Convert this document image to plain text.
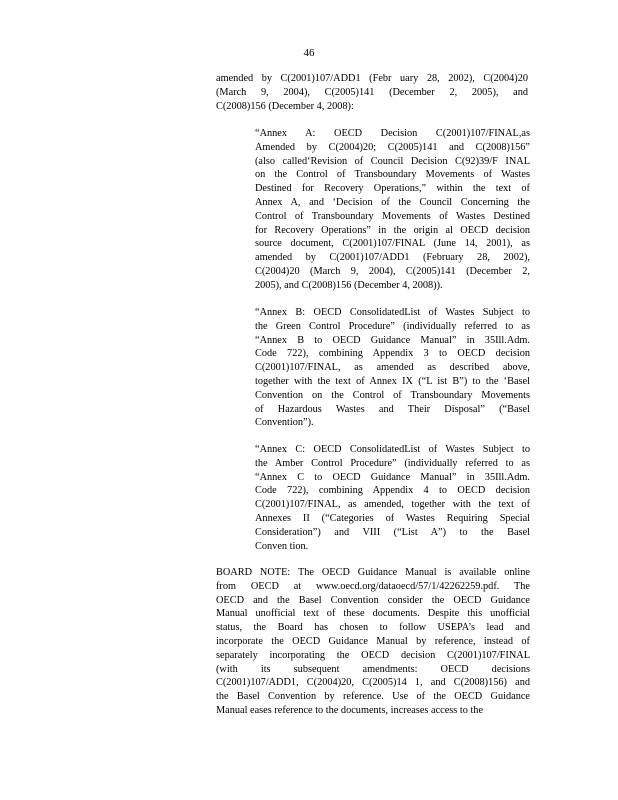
46
amended by C(2001)107/ADD1 (Febr uary 28, 2002), C(2004)20
(March 9, 2004), C(2005)141 (December 2, 2005), and
C(2008)156 (December 4, 2008):
“Annex A: OECD Decision C(2001)107/FINAL,as
Amended by C(2004)20; C(2005)141 and C(2008)156”
(also called‘Revision of Council Decision C(92)39/F INAL
on the Control of Transboundary Movements of Wastes
Destined for Recovery Operations,” within the text of
Annex A, and ‘Decision of the Council Concerning the
Control of Transboundary Movements of Wastes Destined
for Recovery Operations” in the origin al OECD decision
source document, C(2001)107/FINAL (June 14, 2001), as
amended by C(2001)107/ADD1 (February 28, 2002),
C(2004)20 (March 9, 2004), C(2005)141 (December 2,
2005), and C(2008)156 (December 4, 2008)).
“Annex B: OECD ConsolidatedList of Wastes Subject to
the Green Control Procedure” (individually referred to as
“Annex B to OECD Guidance Manual” in 35Ill.Adm.
Code 722), combining Appendix 3 to OECD decision
C(2001)107/FINAL, as amended as described above,
together with the text of Annex IX (“L ist B”) to the ‘Basel
Convention on the Control of Transboundary Movements
of Hazardous Wastes and Their Disposal” (“Basel
Convention”).
“Annex C: OECD ConsolidatedList of Wastes Subject to
the Amber Control Procedure” (individually referred to as
“Annex C to OECD Guidance Manual” in 35Ill.Adm.
Code 722), combining Appendix 4 to OECD decision
C(2001)107/FINAL, as amended, together with the text of
Annexes II (“Categories of Wastes Requiring Special
Consideration”) and VIII (“List A”) to the Basel
Conven tion.
BOARD NOTE: The OECD Guidance Manual is available online
from OECD at www.oecd.org/dataoecd/57/1/42262259.pdf. The
OECD and the Basel Convention consider the OECD Guidance
Manual unofficial text of these documents. Despite this unofficial
status, the Board has chosen to follow USEPA’s lead and
incorporate the OECD Guidance Manual by reference, instead of
separately incorporating the OECD decision C(2001)107/FINAL
(with its subsequent amendments: OECD decisions
C(2001)107/ADD1, C(2004)20, C(2005)14 1, and C(2008)156) and
the Basel Convention by reference. Use of the OECD Guidance
Manual eases reference to the documents, increases access to the
